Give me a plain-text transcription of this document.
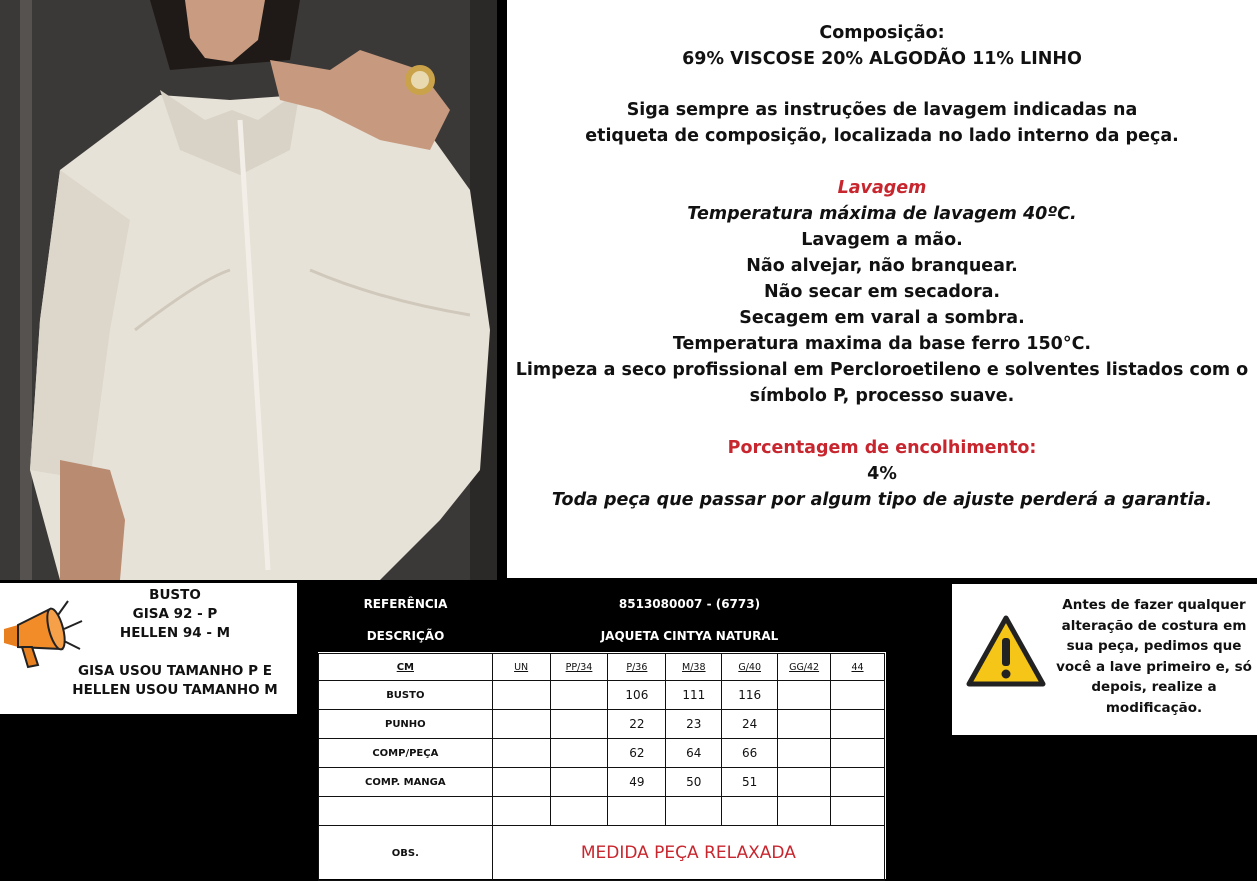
Composição:
69% VISCOSE 20% ALGODÃO 11% LINHO
Siga sempre as instruções de lavagem indicadas na
etiqueta de composição, localizada no lado interno da peça.
Lavagem
Temperatura máxima de lavagem 40ºC.
Lavagem a mão.
Não alvejar, não branquear.
Não secar em secadora.
Secagem em varal a sombra.
Temperatura maxima da base ferro 150°C.
Limpeza a seco profissional em Percloroetileno e solventes listados com o
símbolo P, processo suave.
Porcentagem de encolhimento:
4%
Toda peça que passar por algum tipo de ajuste perderá a garantia.
BUSTO
GISA 92 - P
HELLEN 94 - M
GISA USOU TAMANHO P E
HELLEN USOU TAMANHO M
REFERÊNCIA	8513080007 - (6773)
DESCRIÇÃO	JAQUETA CINTYA NATURAL
CM	UN	PP/34	P/36	M/38	G/40	GG/42	44
BUSTO			106	111	116		
PUNHO			22	23	24		
COMP/PEÇA			62	64	66		
COMP. MANGA			49	50	51		

OBS.	MEDIDA PEÇA RELAXADA						
Antes de fazer qualquer
alteração de costura em
sua peça, pedimos que
você a lave primeiro e, só
depois, realize a
modificação.
